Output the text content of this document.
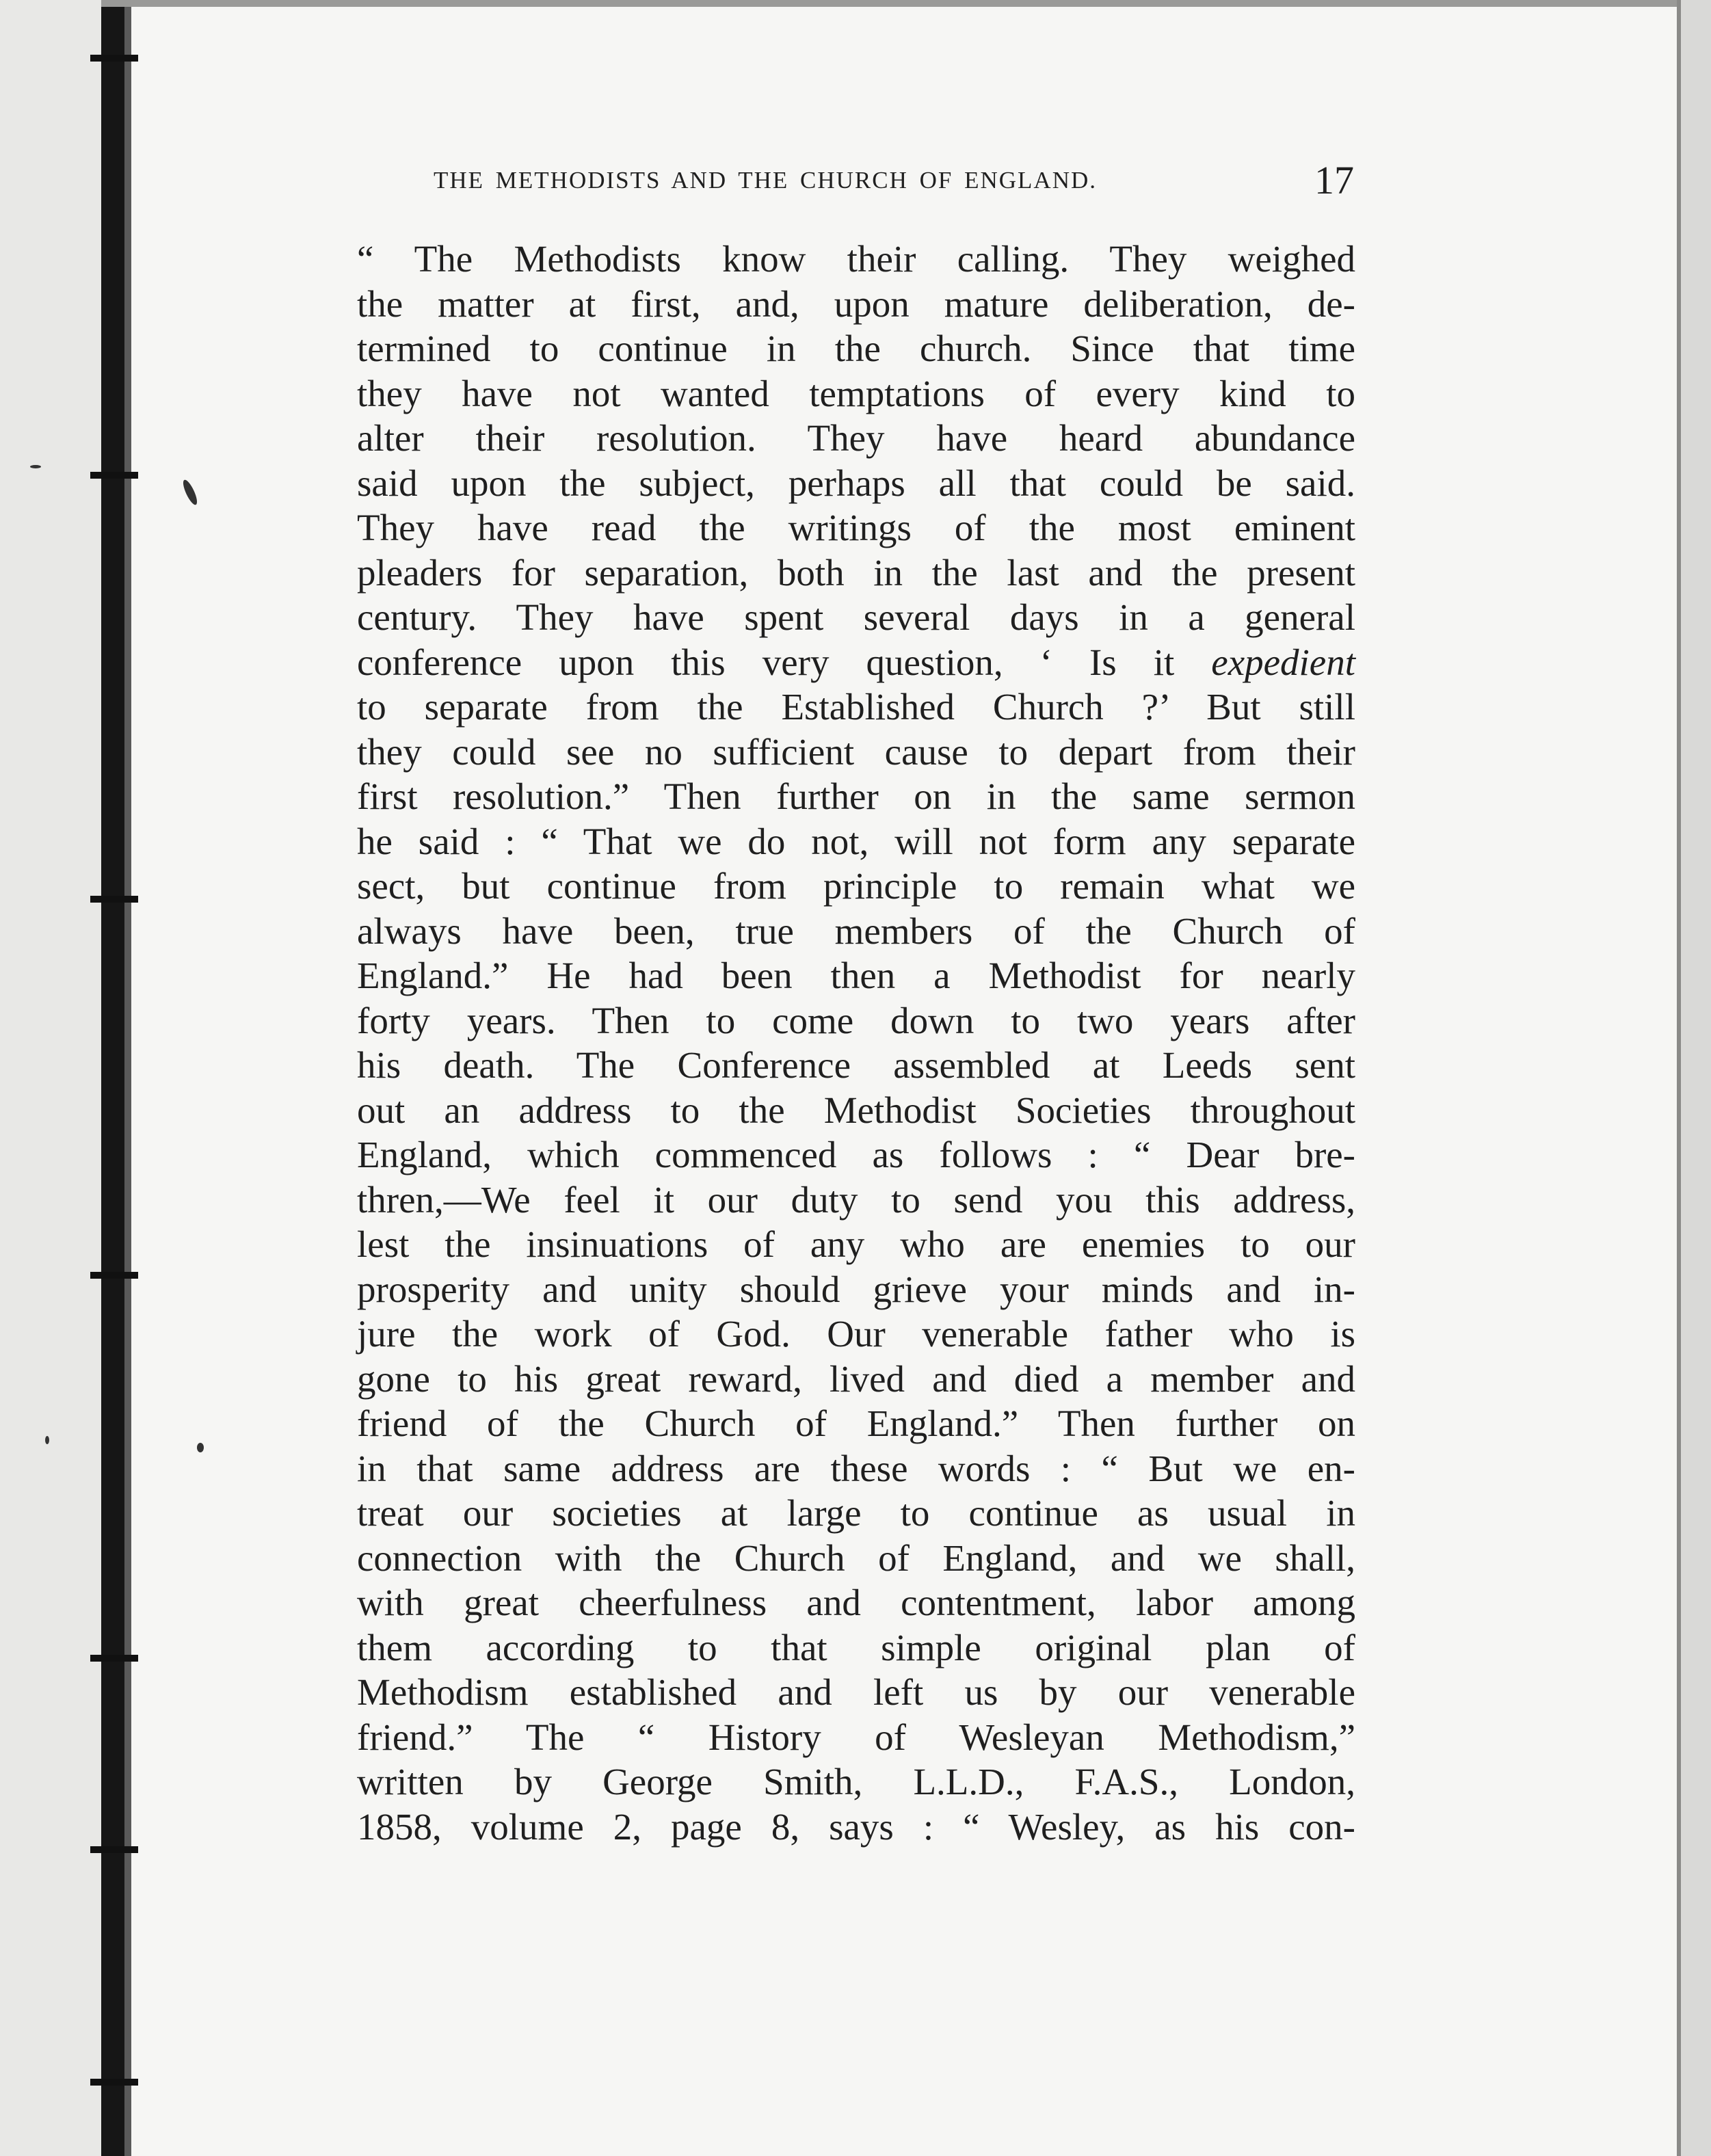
THE METHODISTS AND THE CHURCH OF ENGLAND.	17
“ The Methodists know their calling. They weighed
the matter at first, and, upon mature deliberation, de-
termined to continue in the church. Since that time
they have not wanted temptations of every kind to
alter their resolution. They have heard abundance
said upon the subject, perhaps all that could be said.
They have read the writings of the most eminent
pleaders for separation, both in the last and the present
century. They have spent several days in a general
conference upon this very question, ‘ Is it expedient
to separate from the Established Church ?’ But still
they could see no sufficient cause to depart from their
first resolution.” Then further on in the same sermon
he said : “ That we do not, will not form any separate
sect, but continue from principle to remain what we
always have been, true members of the Church of
England.” He had been then a Methodist for nearly
forty years. Then to come down to two years after
his death. The Conference assembled at Leeds sent
out an address to the Methodist Societies throughout
England, which commenced as follows : “ Dear bre-
thren,—We feel it our duty to send you this address,
lest the insinuations of any who are enemies to our
prosperity and unity should grieve your minds and in-
jure the work of God. Our venerable father who is
gone to his great reward, lived and died a member and
friend of the Church of England.” Then further on
in that same address are these words : “ But we en-
treat our societies at large to continue as usual in
connection with the Church of England, and we shall,
with great cheerfulness and contentment, labor among
them according to that simple original plan of
Methodism established and left us by our venerable
friend.” The “ History of Wesleyan Methodism,”
written by George Smith, L.L.D., F.A.S., London,
1858, volume 2, page 8, says : “ Wesley, as his con-
